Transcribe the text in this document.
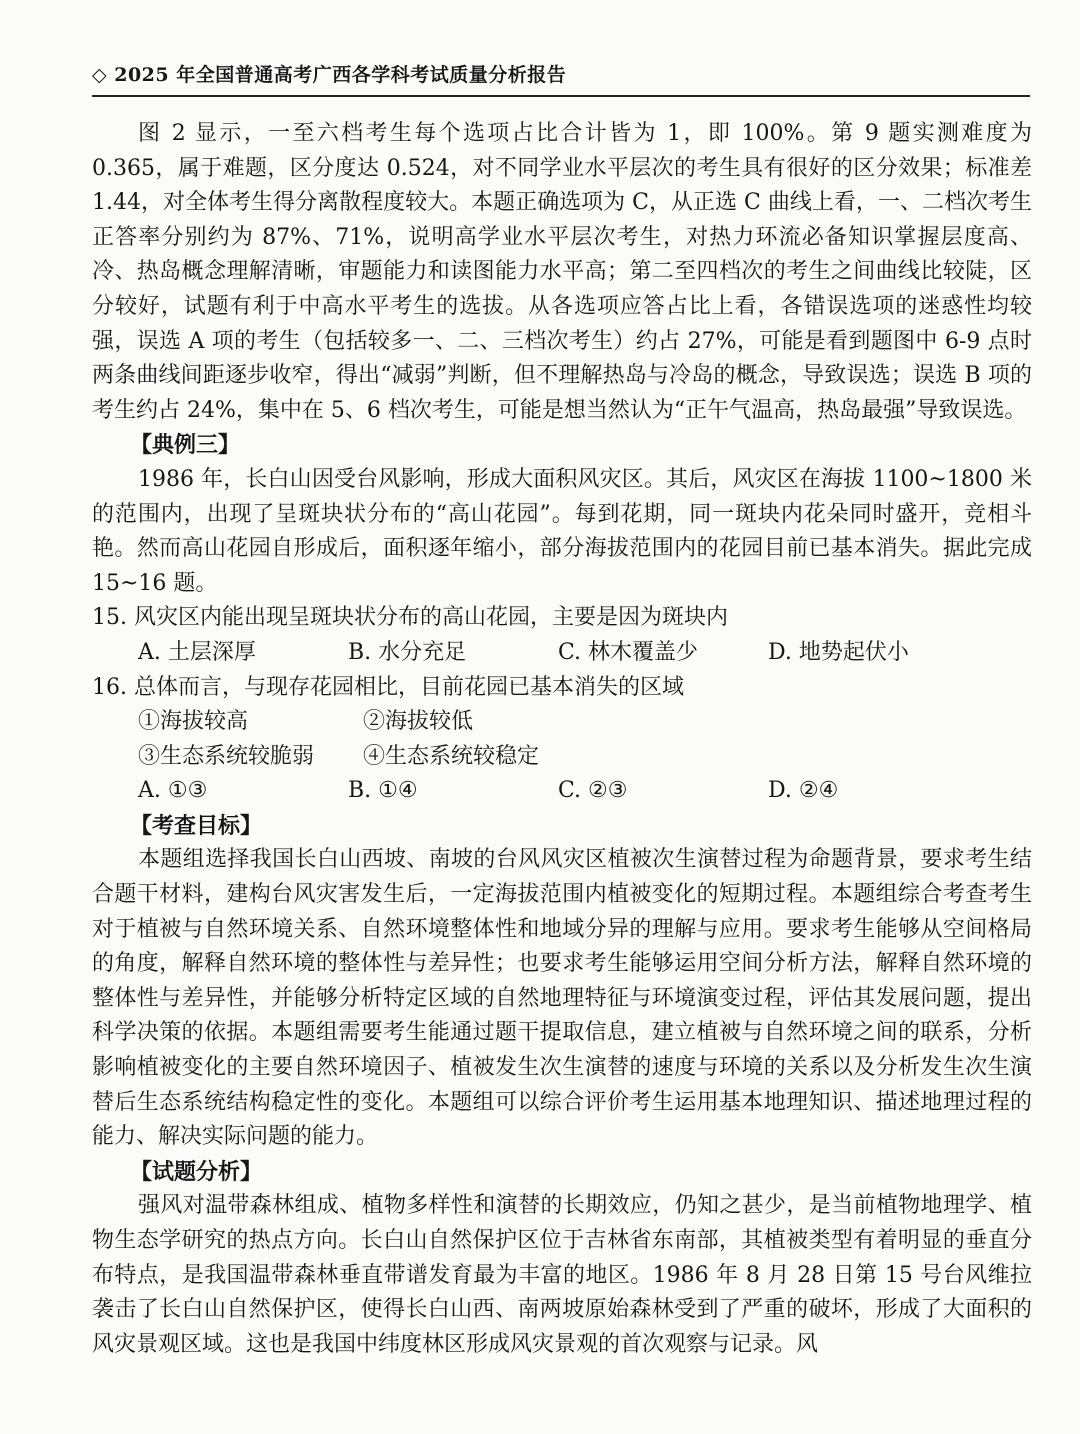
◇ 2025 年全国普通高考广西各学科考试质量分析报告

图 2 显示，一至六档考生每个选项占比合计皆为 1，即 100%。第 9 题实测难度为 0.365，属于难题，区分度达 0.524，对不同学业水平层次的考生具有很好的区分效果；标准差 1.44，对全体考生得分离散程度较大。本题正确选项为 C，从正选 C 曲线上看，一、二档次考生正答率分别约为 87%、71%，说明高学业水平层次考生，对热力环流必备知识掌握层度高、冷、热岛概念理解清晰，审题能力和读图能力水平高；第二至四档次的考生之间曲线比较陡，区分较好，试题有利于中高水平考生的选拔。从各选项应答占比上看，各错误选项的迷惑性均较强，误选 A 项的考生（包括较多一、二、三档次考生）约占 27%，可能是看到题图中 6-9 点时两条曲线间距逐步收窄，得出“减弱”判断，但不理解热岛与冷岛的概念，导致误选；误选 B 项的考生约占 24%，集中在 5、6 档次考生，可能是想当然认为“正午气温高，热岛最强”导致误选。

【典例三】

1986 年，长白山因受台风影响，形成大面积风灾区。其后，风灾区在海拔 1100~1800 米的范围内，出现了呈斑块状分布的“高山花园”。每到花期，同一斑块内花朵同时盛开，竞相斗艳。然而高山花园自形成后，面积逐年缩小，部分海拔范围内的花园目前已基本消失。据此完成 15~16 题。

15. 风灾区内能出现呈斑块状分布的高山花园，主要是因为斑块内

A. 土层深厚	B. 水分充足	C. 林木覆盖少	D. 地势起伏小

16. 总体而言，与现存花园相比，目前花园已基本消失的区域

①海拔较高	②海拔较低
③生态系统较脆弱	④生态系统较稳定
A. ①③	B. ①④	C. ②③	D. ②④

【考查目标】

本题组选择我国长白山西坡、南坡的台风风灾区植被次生演替过程为命题背景，要求考生结合题干材料，建构台风灾害发生后，一定海拔范围内植被变化的短期过程。本题组综合考查考生对于植被与自然环境关系、自然环境整体性和地域分异的理解与应用。要求考生能够从空间格局的角度，解释自然环境的整体性与差异性；也要求考生能够运用空间分析方法，解释自然环境的整体性与差异性，并能够分析特定区域的自然地理特征与环境演变过程，评估其发展问题，提出科学决策的依据。本题组需要考生能通过题干提取信息，建立植被与自然环境之间的联系，分析影响植被变化的主要自然环境因子、植被发生次生演替的速度与环境的关系以及分析发生次生演替后生态系统结构稳定性的变化。本题组可以综合评价考生运用基本地理知识、描述地理过程的能力、解决实际问题的能力。

【试题分析】

强风对温带森林组成、植物多样性和演替的长期效应，仍知之甚少，是当前植物地理学、植物生态学研究的热点方向。长白山自然保护区位于吉林省东南部，其植被类型有着明显的垂直分布特点，是我国温带森林垂直带谱发育最为丰富的地区。1986 年 8 月 28 日第 15 号台风维拉袭击了长白山自然保护区，使得长白山西、南两坡原始森林受到了严重的破坏，形成了大面积的风灾景观区域。这也是我国中纬度林区形成风灾景观的首次观察与记录。风
